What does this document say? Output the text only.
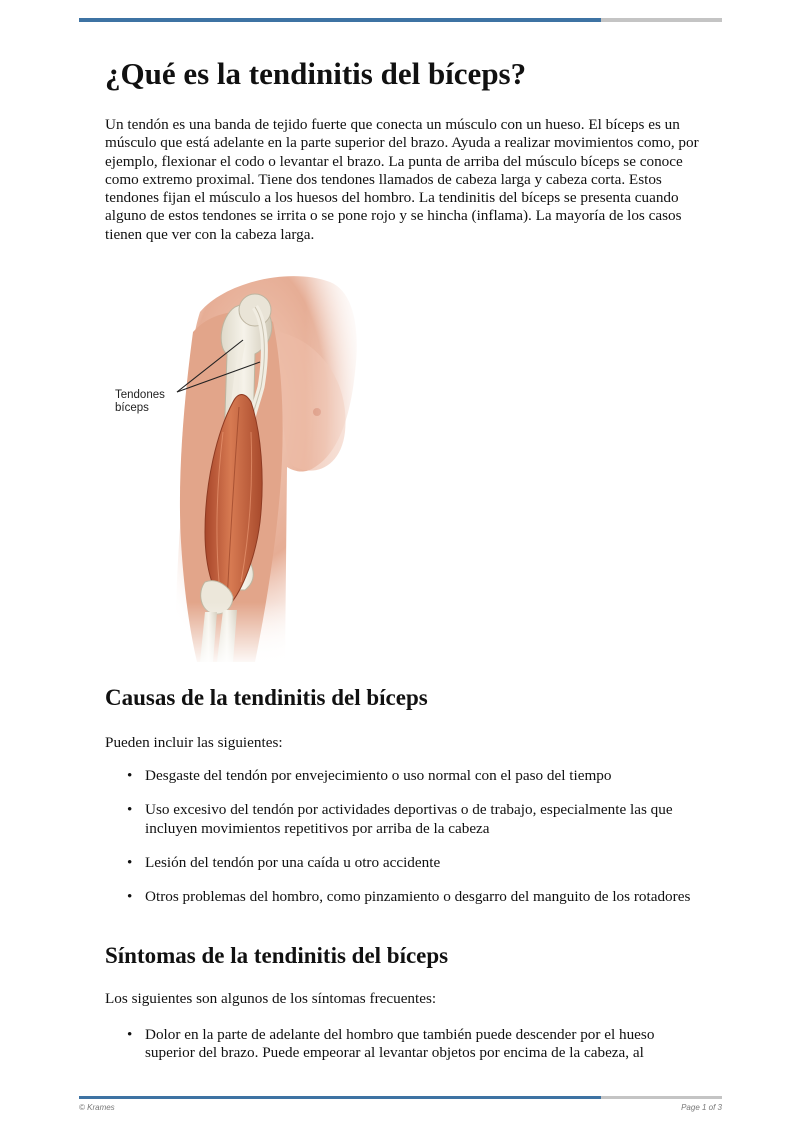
¿Qué es la tendinitis del bíceps?

Un tendón es una banda de tejido fuerte que conecta un músculo con un hueso. El bíceps es un músculo que está adelante en la parte superior del brazo. Ayuda a realizar movimientos como, por ejemplo, flexionar el codo o levantar el brazo. La punta de arriba del músculo bíceps se conoce como extremo proximal. Tiene dos tendones llamados de cabeza larga y cabeza corta. Estos tendones fijan el músculo a los huesos del hombro. La tendinitis del bíceps se presenta cuando alguno de estos tendones se irrita o se pone rojo y se hincha (inflama). La mayoría de los casos tienen que ver con la cabeza larga.

Tendones
bíceps
Causas de la tendinitis del bíceps

Pueden incluir las siguientes:

• Desgaste del tendón por envejecimiento o uso normal con el paso del tiempo
• Uso excesivo del tendón por actividades deportivas o de trabajo, especialmente las que incluyen movimientos repetitivos por arriba de la cabeza
• Lesión del tendón por una caída u otro accidente
• Otros problemas del hombro, como pinzamiento o desgarro del manguito de los rotadores
Síntomas de la tendinitis del bíceps

Los siguientes son algunos de los síntomas frecuentes:

• Dolor en la parte de adelante del hombro que también puede descender por el hueso superior del brazo. Puede empeorar al levantar objetos por encima de la cabeza, al
© Krames	Page 1 of 3
